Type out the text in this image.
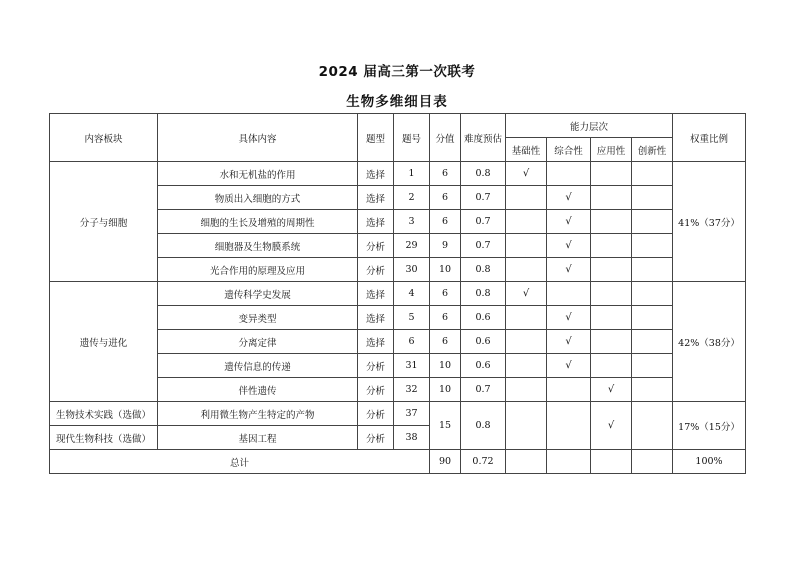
2024 届高三第一次联考
生物多维细目表
内容板块	具体内容	题型	题号	分值	难度预估	能力层次				权重比例
						基础性	综合性	应用性	创新性	
分子与细胞	水和无机盐的作用	选择	1	6	0.8	√				41%（37分）
	物质出入细胞的方式	选择	2	6	0.7		√			
	细胞的生长及增殖的周期性	选择	3	6	0.7		√			
	细胞器及生物膜系统	分析	29	9	0.7		√			
	光合作用的原理及应用	分析	30	10	0.8		√			
遗传与进化	遗传科学史发展	选择	4	6	0.8	√				42%（38分）
	变异类型	选择	5	6	0.6		√			
	分离定律	选择	6	6	0.6		√			
	遗传信息的传递	分析	31	10	0.6		√			
	伴性遗传	分析	32	10	0.7			√		
生物技术实践（选做）	利用微生物产生特定的产物	分析	37	15	0.8			√		17%（15分）
现代生物科技（选做）	基因工程	分析	38							
总计				90	0.72					100%
